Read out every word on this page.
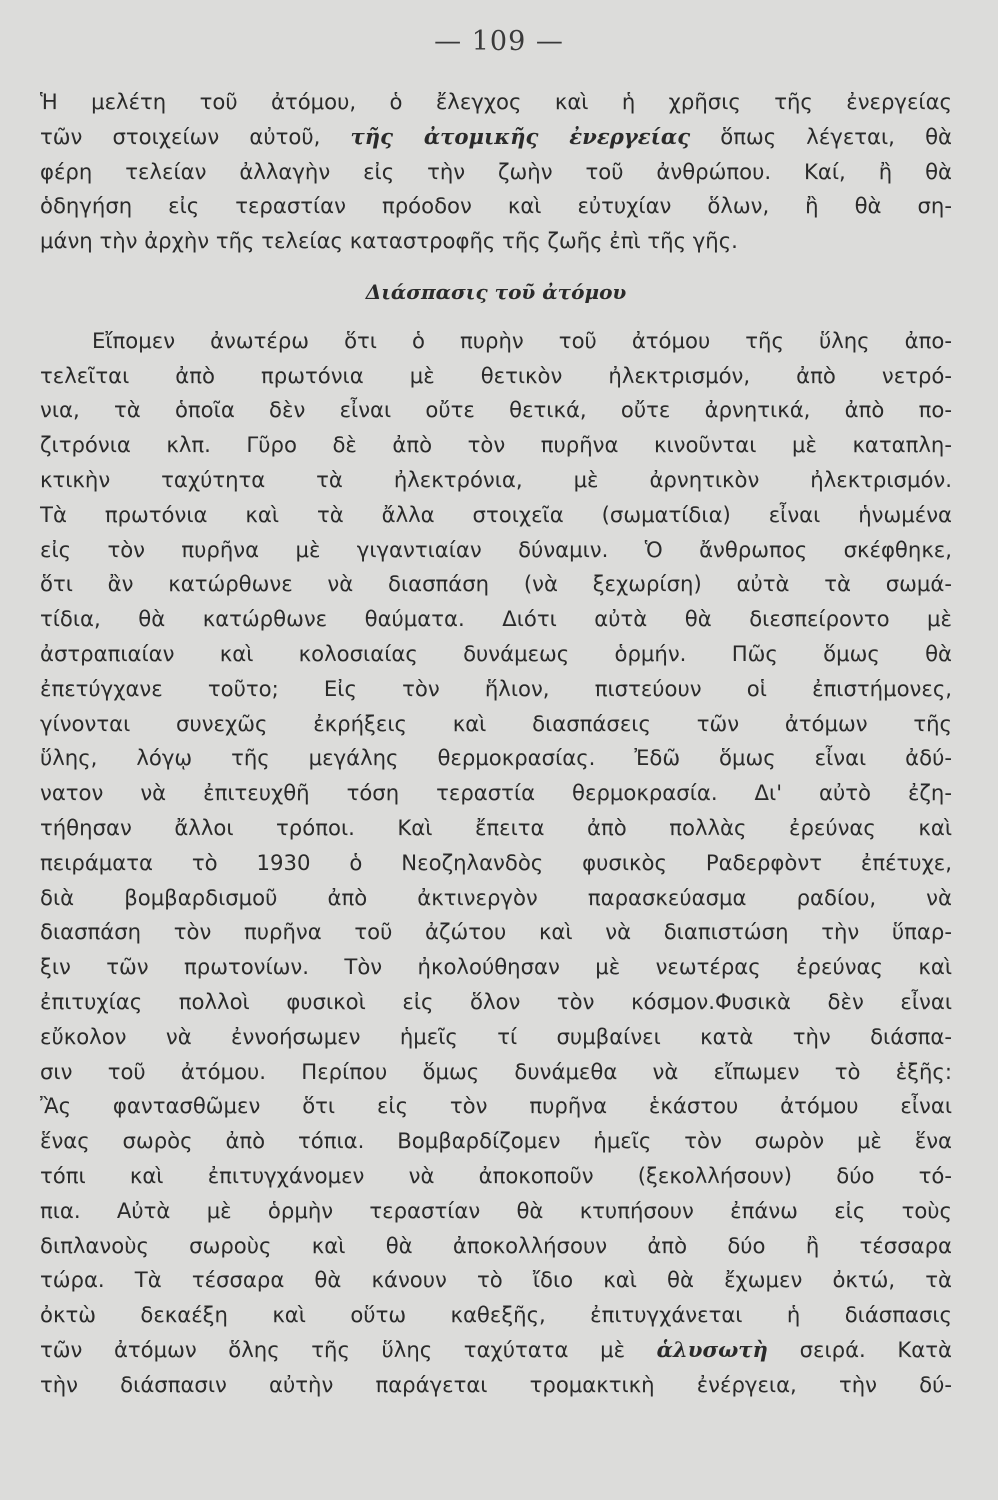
— 109 —
Ἡ μελέτη τοῦ ἀτόμου, ὁ ἔλεγχος καὶ ἡ χρῆσις τῆς ἐνεργείας
τῶν στοιχείων αὐτοῦ, τῆς ἀτομικῆς ἐνεργείας ὅπως λέγεται, θὰ
φέρη τελείαν ἀλλαγὴν εἰς τὴν ζωὴν τοῦ ἀνθρώπου. Καί, ἢ θὰ
ὁδηγήση εἰς τεραστίαν πρόοδον καὶ εὐτυχίαν ὅλων, ἢ θὰ ση-
μάνη τὴν ἀρχὴν τῆς τελείας καταστροφῆς τῆς ζωῆς ἐπὶ τῆς γῆς.
Διάσπασις τοῦ ἀτόμου
Εἴπομεν ἀνωτέρω ὅτι ὁ πυρὴν τοῦ ἀτόμου τῆς ὕλης ἀπο-
τελεῖται ἀπὸ πρωτόνια μὲ θετικὸν ἠλεκτρισμόν, ἀπὸ νετρό-
νια, τὰ ὁποῖα δὲν εἶναι οὔτε θετικά, οὔτε ἀρνητικά, ἀπὸ πο-
ζιτρόνια κλπ. Γῦρο δὲ ἀπὸ τὸν πυρῆνα κινοῦνται μὲ καταπλη-
κτικὴν ταχύτητα τὰ ἠλεκτρόνια, μὲ ἀρνητικὸν ἠλεκτρισμόν.
Τὰ πρωτόνια καὶ τὰ ἄλλα στοιχεῖα (σωματίδια) εἶναι ἡνωμένα
εἰς τὸν πυρῆνα μὲ γιγαντιαίαν δύναμιν. Ὁ ἄνθρωπος σκέφθηκε,
ὅτι ἂν κατώρθωνε νὰ διασπάση (νὰ ξεχωρίση) αὐτὰ τὰ σωμά-
τίδια, θὰ κατώρθωνε θαύματα. Διότι αὐτὰ θὰ διεσπείροντο μὲ
ἀστραπιαίαν καὶ κολοσιαίας δυνάμεως ὁρμήν. Πῶς ὅμως θὰ
ἐπετύγχανε τοῦτο; Εἰς τὸν ἥλιον, πιστεύουν οἱ ἐπιστήμονες,
γίνονται συνεχῶς ἐκρήξεις καὶ διασπάσεις τῶν ἀτόμων τῆς
ὕλης, λόγῳ τῆς μεγάλης θερμοκρασίας. Ἐδῶ ὅμως εἶναι ἀδύ-
νατον νὰ ἐπιτευχθῆ τόση τεραστία θερμοκρασία. Δι' αὐτὸ ἐζη-
τήθησαν ἄλλοι τρόποι. Καὶ ἔπειτα ἀπὸ πολλὰς ἐρεύνας καὶ
πειράματα τὸ 1930 ὁ Νεοζηλανδὸς φυσικὸς Ραδερφὸντ ἐπέτυχε,
διὰ βομβαρδισμοῦ ἀπὸ ἀκτινεργὸν παρασκεύασμα ραδίου, νὰ
διασπάση τὸν πυρῆνα τοῦ ἀζώτου καὶ νὰ διαπιστώση τὴν ὕπαρ-
ξιν τῶν πρωτονίων. Τὸν ἠκολούθησαν μὲ νεωτέρας ἐρεύνας καὶ
ἐπιτυχίας πολλοὶ φυσικοὶ εἰς ὅλον τὸν κόσμον.Φυσικὰ δὲν εἶναι
εὔκολον νὰ ἐννοήσωμεν ἡμεῖς τί συμβαίνει κατὰ τὴν διάσπα-
σιν τοῦ ἀτόμου. Περίπου ὅμως δυνάμεθα νὰ εἴπωμεν τὸ ἑξῆς:
Ἂς φαντασθῶμεν ὅτι εἰς τὸν πυρῆνα ἑκάστου ἀτόμου εἶναι
ἕνας σωρὸς ἀπὸ τόπια. Βομβαρδίζομεν ἡμεῖς τὸν σωρὸν μὲ ἕνα
τόπι καὶ ἐπιτυγχάνομεν νὰ ἀποκοποῦν (ξεκολλήσουν) δύο τό-
πια. Αὐτὰ μὲ ὁρμὴν τεραστίαν θὰ κτυπήσουν ἐπάνω εἰς τοὺς
διπλανοὺς σωροὺς καὶ θὰ ἀποκολλήσουν ἀπὸ δύο ἢ τέσσαρα
τώρα. Τὰ τέσσαρα θὰ κάνουν τὸ ἴδιο καὶ θὰ ἔχωμεν ὀκτώ, τὰ
ὀκτὼ δεκαέξη καὶ οὕτω καθεξῆς, ἐπιτυγχάνεται ἡ διάσπασις
τῶν ἀτόμων ὅλης τῆς ὕλης ταχύτατα μὲ ἁλυσωτὴ σειρά. Κατὰ
τὴν διάσπασιν αὐτὴν παράγεται τρομακτικὴ ἐνέργεια, τὴν δύ-
